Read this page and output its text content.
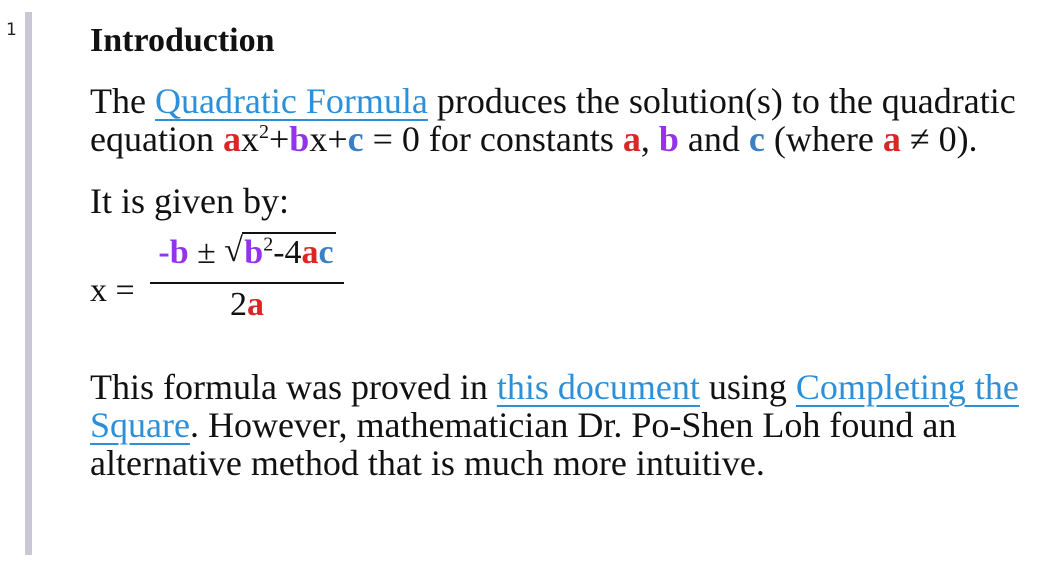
1 Introduction

The Quadratic Formula produces the solution(s) to the quadratic equation $ax^2+bx+c = 0$ for constants a, b and c (where a ≠ 0).

It is given by:

x =
-b ± √ $b^2-4ac$
2a

This formula was proved in this document using Completing the Square. However, mathematician Dr. Po-Shen Loh found an alternative method that is much more intuitive.
